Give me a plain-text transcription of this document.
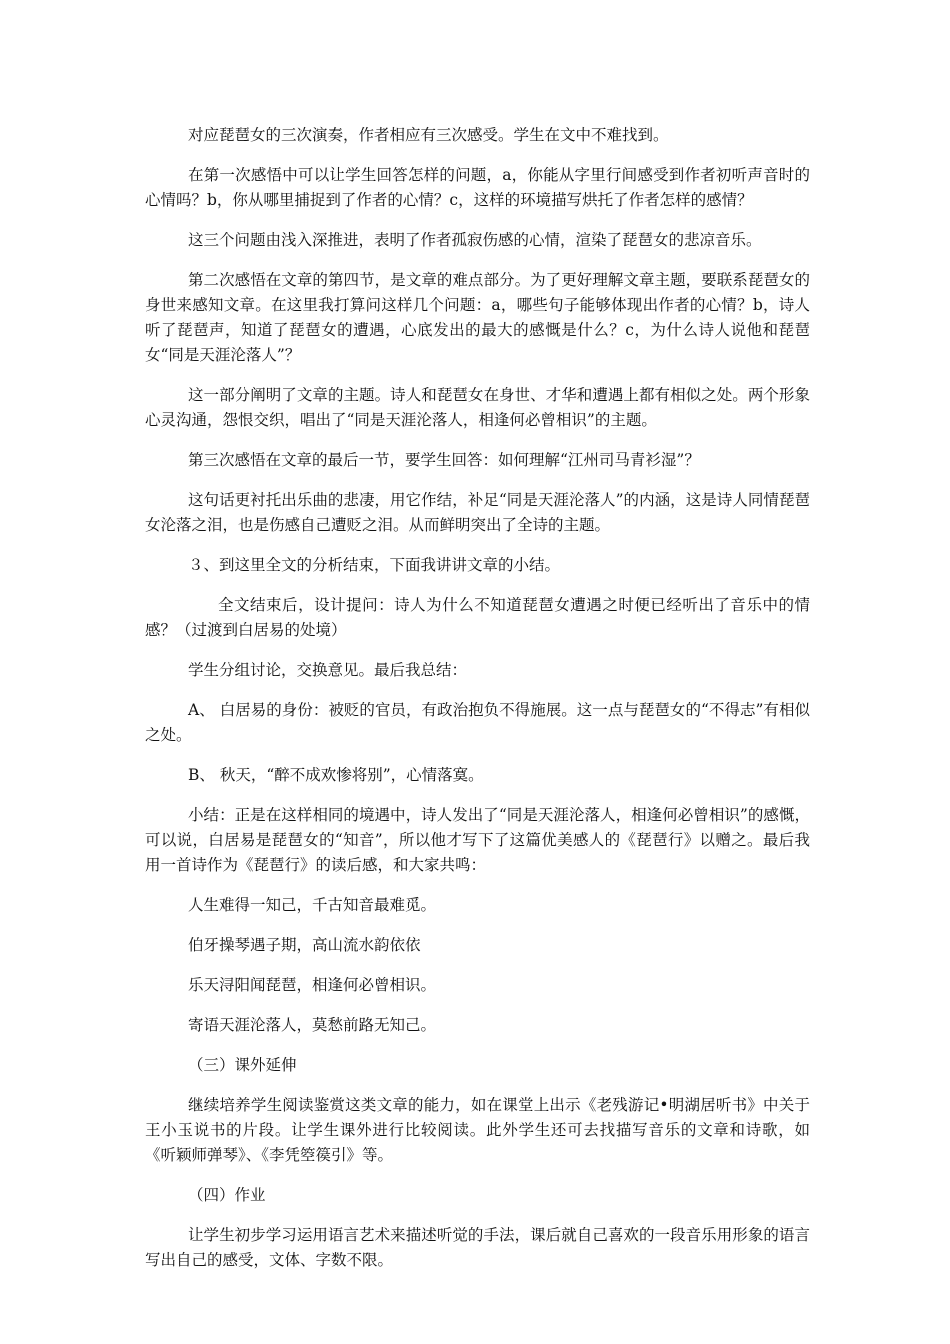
对应琵琶女的三次演奏，作者相应有三次感受。学生在文中不难找到。

在第一次感悟中可以让学生回答怎样的问题，a，你能从字里行间感受到作者初听声音时的心情吗？b，你从哪里捕捉到了作者的心情？c，这样的环境描写烘托了作者怎样的感情？

这三个问题由浅入深推进，表明了作者孤寂伤感的心情，渲染了琵琶女的悲凉音乐。

第二次感悟在文章的第四节，是文章的难点部分。为了更好理解文章主题，要联系琵琶女的身世来感知文章。在这里我打算问这样几个问题：a，哪些句子能够体现出作者的心情？b，诗人听了琵琶声，知道了琵琶女的遭遇，心底发出的最大的感慨是什么？c，为什么诗人说他和琵琶女“同是天涯沦落人”？

这一部分阐明了文章的主题。诗人和琵琶女在身世、才华和遭遇上都有相似之处。两个形象心灵沟通，怨恨交织，唱出了“同是天涯沦落人，相逢何必曾相识”的主题。

第三次感悟在文章的最后一节，要学生回答：如何理解“江州司马青衫湿”？

这句话更衬托出乐曲的悲凄，用它作结，补足“同是天涯沦落人”的内涵，这是诗人同情琵琶女沦落之泪，也是伤感自己遭贬之泪。从而鲜明突出了全诗的主题。

３、到这里全文的分析结束，下面我讲讲文章的小结。

全文结束后，设计提问：诗人为什么不知道琵琶女遭遇之时便已经听出了音乐中的情感？（过渡到白居易的处境）

学生分组讨论，交换意见。最后我总结：

A、 白居易的身份：被贬的官员，有政治抱负不得施展。这一点与琵琶女的“不得志”有相似之处。

B、 秋天，“醉不成欢惨将别”，心情落寞。

小结：正是在这样相同的境遇中，诗人发出了“同是天涯沦落人，相逢何必曾相识”的感慨，可以说，白居易是琵琶女的“知音”，所以他才写下了这篇优美感人的《琵琶行》以赠之。最后我用一首诗作为《琵琶行》的读后感，和大家共鸣：

人生难得一知己，千古知音最难觅。

伯牙操琴遇子期，高山流水韵依依

乐天浔阳闻琵琶，相逢何必曾相识。

寄语天涯沦落人，莫愁前路无知己。

（三）课外延伸

继续培养学生阅读鉴赏这类文章的能力，如在课堂上出示《老残游记•明湖居听书》中关于王小玉说书的片段。让学生课外进行比较阅读。此外学生还可去找描写音乐的文章和诗歌，如《听颖师弹琴》、《李凭箜篌引》等。

（四）作业

让学生初步学习运用语言艺术来描述听觉的手法，课后就自己喜欢的一段音乐用形象的语言写出自己的感受，文体、字数不限。
